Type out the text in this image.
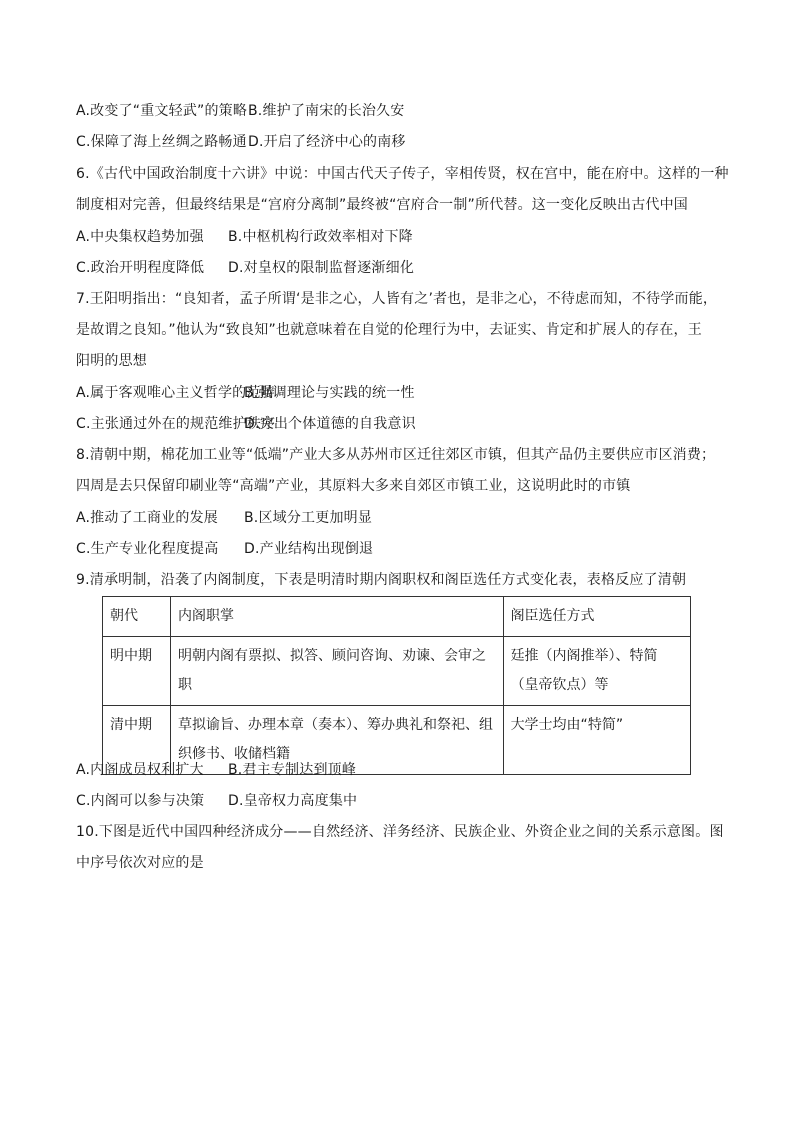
A.改变了“重文轻武”的策略B.维护了南宋的长治久安
C.保障了海上丝绸之路畅通D.开启了经济中心的南移
6.《古代中国政治制度十六讲》中说：中国古代天子传子，宰相传贤，权在宫中，能在府中。这样的一种
制度相对完善，但最终结果是“宫府分离制”最终被“宫府合一制”所代替。这一变化反映出古代中国
A.中央集权趋势加强 B.中枢机构行政效率相对下降
C.政治开明程度降低 D.对皇权的限制监督逐渐细化
7.王阳明指出：“良知者，孟子所谓‘是非之心，人皆有之’者也，是非之心，不待虑而知，不待学而能，
是故谓之良知。”他认为“致良知”也就意味着在自觉的伦理行为中，去证实、肯定和扩展人的存在，王
阳明的思想
A.属于客观唯心主义哲学的范畴B.强调理论与实践的统一性
C.主张通过外在的规范维护秩序D.突出个体道德的自我意识
8.清朝中期，棉花加工业等“低端”产业大多从苏州市区迁往郊区市镇，但其产品仍主要供应市区消费；
四周是去只保留印刷业等“高端”产业，其原料大多来自郊区市镇工业，这说明此时的市镇
A.推动了工商业的发展 B.区域分工更加明显
C.生产专业化程度提高 D.产业结构出现倒退
9.清承明制，沿袭了内阁制度，下表是明清时期内阁职权和阁臣选任方式变化表，表格反应了清朝
朝代	内阁职掌	阁臣选任方式
明中期	明朝内阁有票拟、拟答、顾问咨询、劝谏、会审之职	廷推（内阁推举）、特简（皇帝钦点）等
清中期	草拟谕旨、办理本章（奏本）、筹办典礼和祭祀、组织修书、收储档籍	大学士均由“特简”
A.内阁成员权利扩大 B.君主专制达到顶峰
C.内阁可以参与决策 D.皇帝权力高度集中
10.下图是近代中国四种经济成分——自然经济、洋务经济、民族企业、外资企业之间的关系示意图。图
中序号依次对应的是
